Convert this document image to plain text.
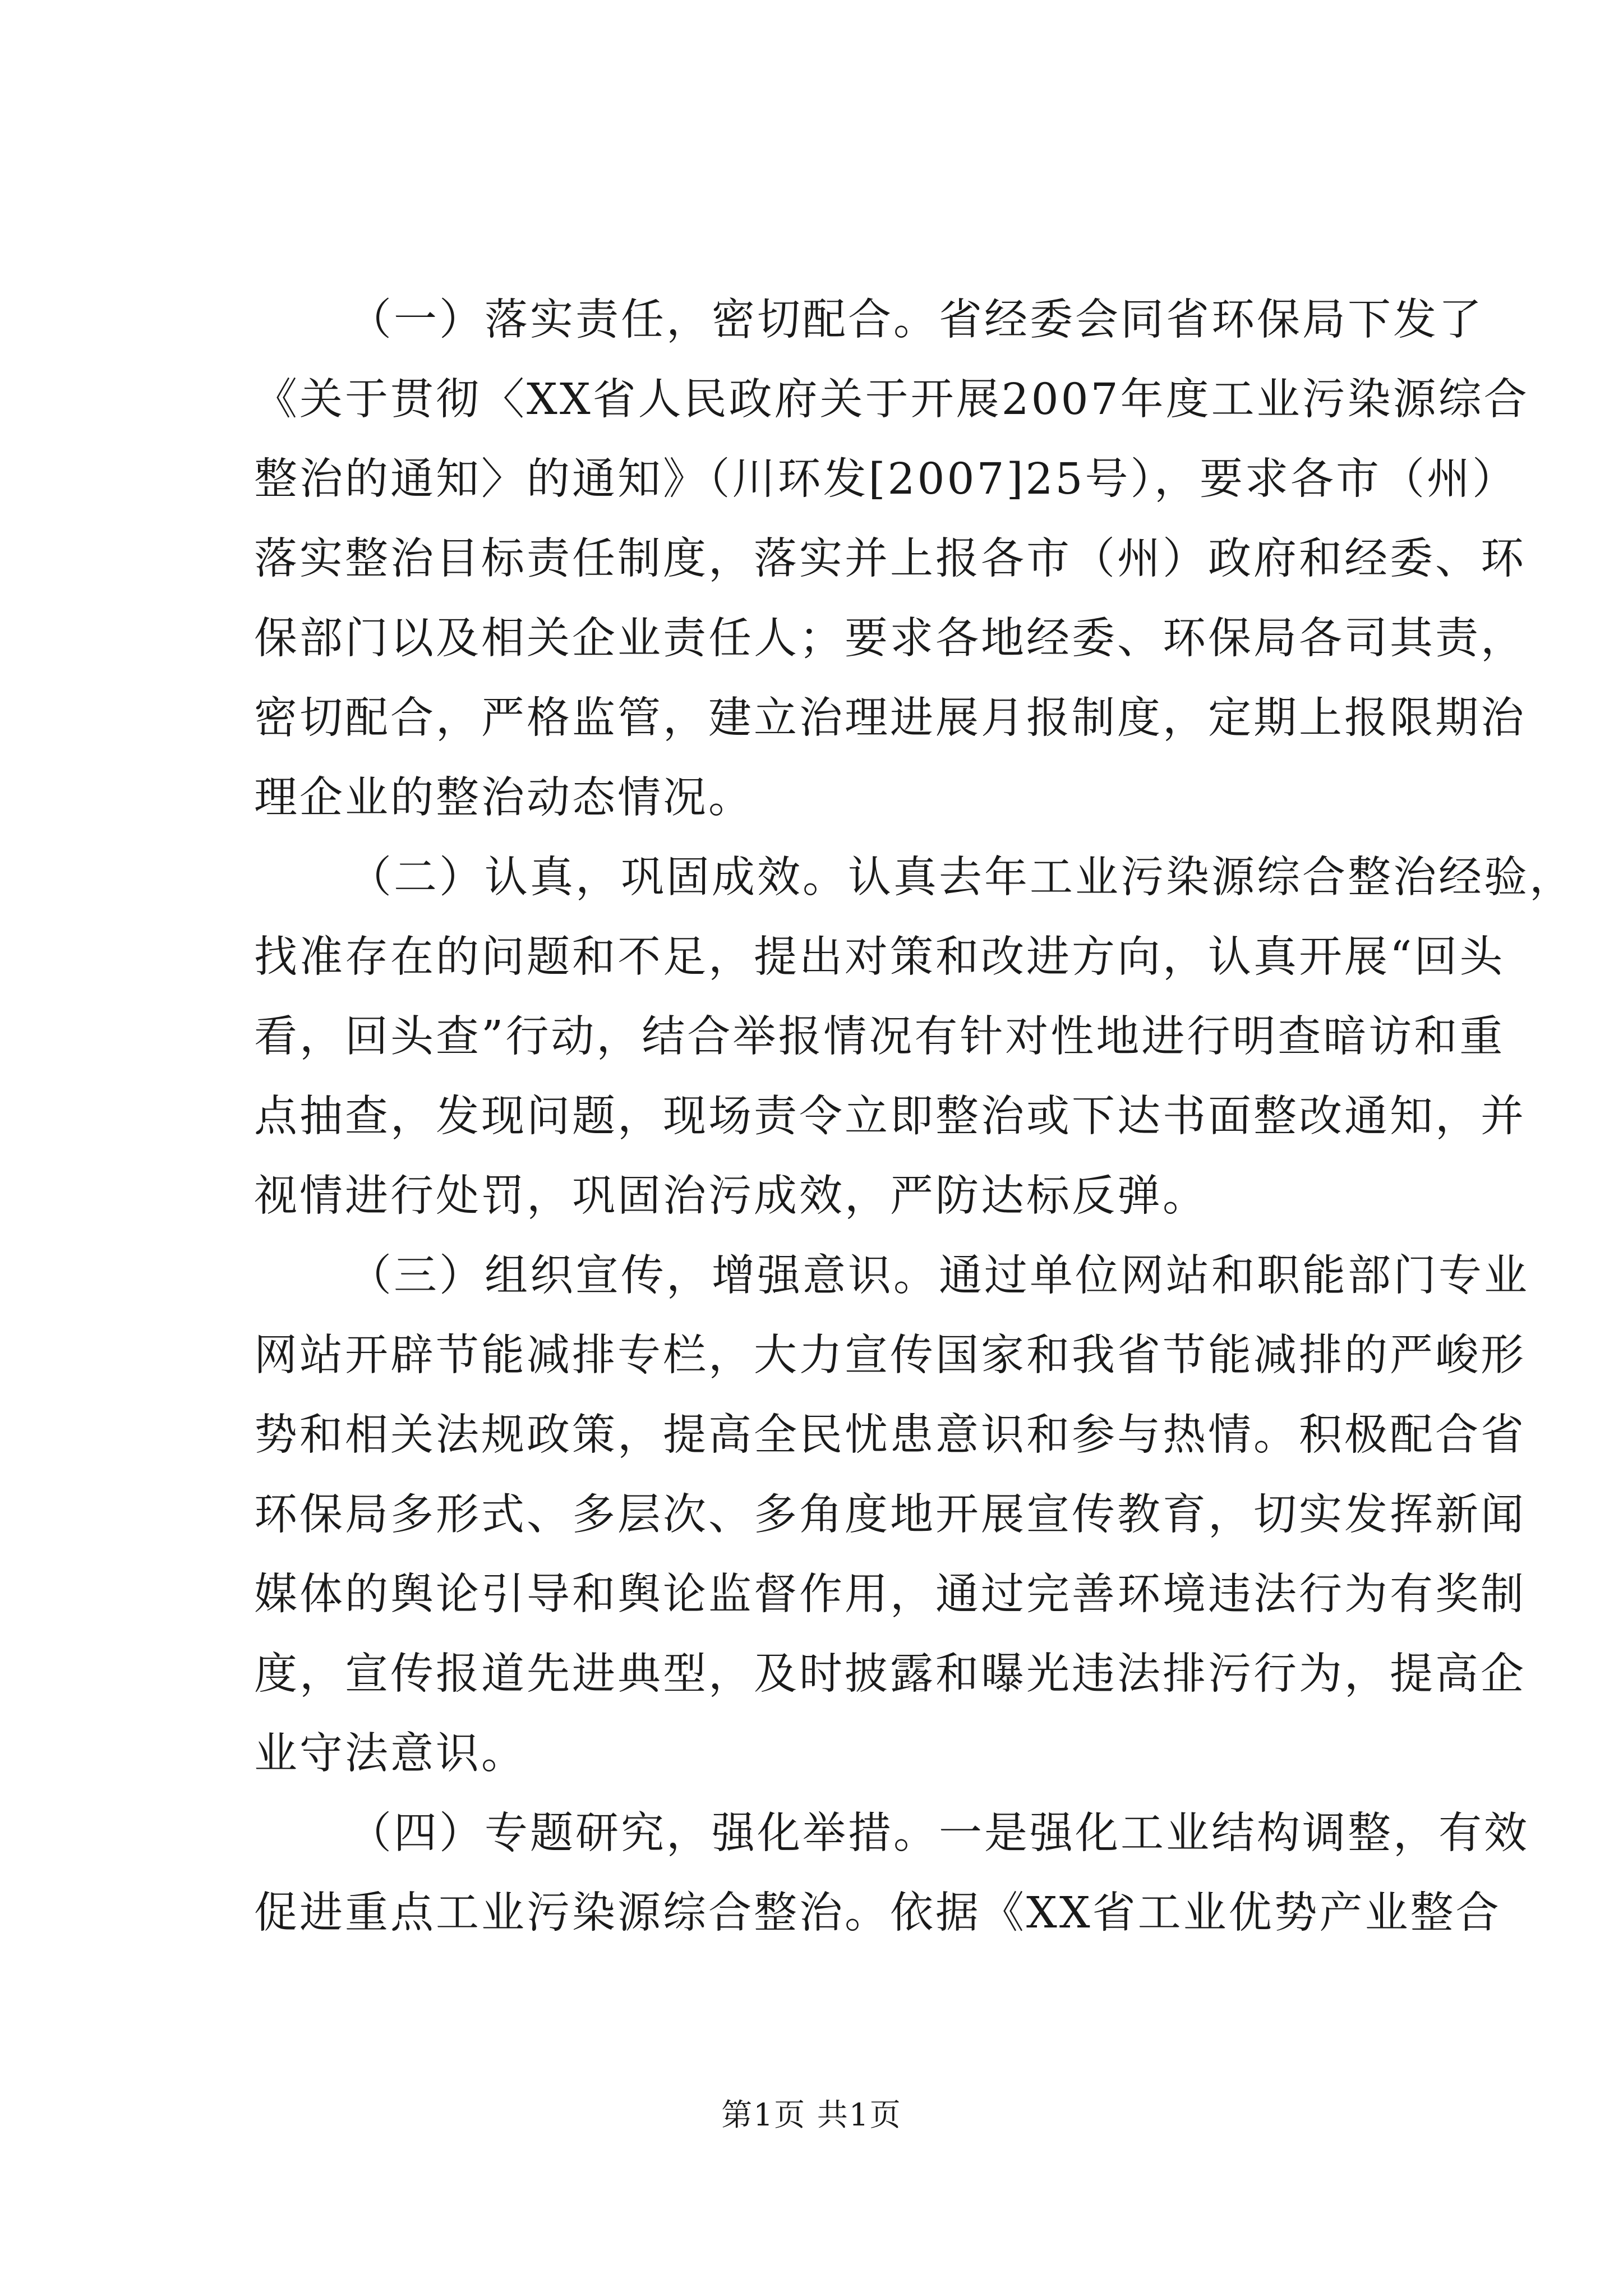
（一）落实责任，密切配合。省经委会同省环保局下发了
《关于贯彻〈XX省人民政府关于开展2007年度工业污染源综合
整治的通知〉的通知》（川环发[2007]25号），要求各市（州）
落实整治目标责任制度，落实并上报各市（州）政府和经委、环
保部门以及相关企业责任人；要求各地经委、环保局各司其责，
密切配合，严格监管，建立治理进展月报制度，定期上报限期治
理企业的整治动态情况。
（二）认真，巩固成效。认真去年工业污染源综合整治经验，
找准存在的问题和不足，提出对策和改进方向，认真开展“回头
看，回头查”行动，结合举报情况有针对性地进行明查暗访和重
点抽查，发现问题，现场责令立即整治或下达书面整改通知，并
视情进行处罚，巩固治污成效，严防达标反弹。
（三）组织宣传，增强意识。通过单位网站和职能部门专业
网站开辟节能减排专栏，大力宣传国家和我省节能减排的严峻形
势和相关法规政策，提高全民忧患意识和参与热情。积极配合省
环保局多形式、多层次、多角度地开展宣传教育，切实发挥新闻
媒体的舆论引导和舆论监督作用，通过完善环境违法行为有奖制
度，宣传报道先进典型，及时披露和曝光违法排污行为，提高企
业守法意识。
（四）专题研究，强化举措。一是强化工业结构调整，有效
促进重点工业污染源综合整治。依据《XX省工业优势产业整合
第1页 共1页
